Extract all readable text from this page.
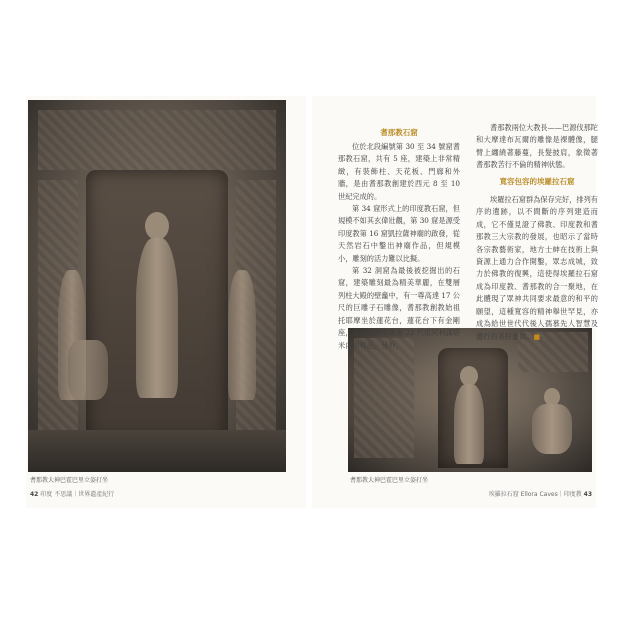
耆那教大神巴霍巴里立姿打坐	耆那教大神巴霍巴里立姿打坐
耆那教石窟

位於北段編號第 30 至 34 號窟耆那教石窟，共有 5 座，建築上非常精緻，有裝飾柱、天花板、門廊和外牆，是由耆那教創建於西元 8 至 10 世紀完成的。

第 34 窟形式上的印度教石窟，但規模不如其玄偉壯觀，第 30 窟是源受印度教第 16 窟凱拉薩神廟的啟發，從天然岩石中鑿出神廟作品，但規模小，雕刻的活力難以比擬。

第 32 洞窟為最後被挖掘出的石窟，建築雕刻最為精美華麗，在雙層列柱大殿的壁龕中，有一尊高達 17 公尺的巨雕子石雕像，耆那教創教始祖托耶摩坐於蓮花台，蓮花台下有金剛座，為印度耆那教第 22 代祖阿利謀塔米內的作品，另外，

耆那教兩位大教長——巴源伐那陀和大摩達布瓦爾的雕像是裸體像，腿臂上纏繞著藤蔓，長髮披肩，象徵著耆那教苦行不倫的精神狀態。

寬容包容的埃羅拉石窟

埃羅拉石窟群為保存完好，排列有序的遺跡，以不間斷的序列建造而成，它不僅見證了佛教、印度教和耆那教三大宗教的發展，也昭示了當時各宗教藝術家，地方士紳在技術上與資源上通力合作開鑿，眾志成城，致力於佛教的復興，這使得埃羅拉石窟成為印度教、耆那教的合一聚地，在此體現了眾神共同要求最意的和平的願望，這種寬容的精神舉世罕見，亦成為給世世代代後人孺慕先人智慧及遵行的美好象徵。■

42 印度 不思議｜世界遺產紀行	埃羅拉石窟 Ellora Caves｜印度教 43
